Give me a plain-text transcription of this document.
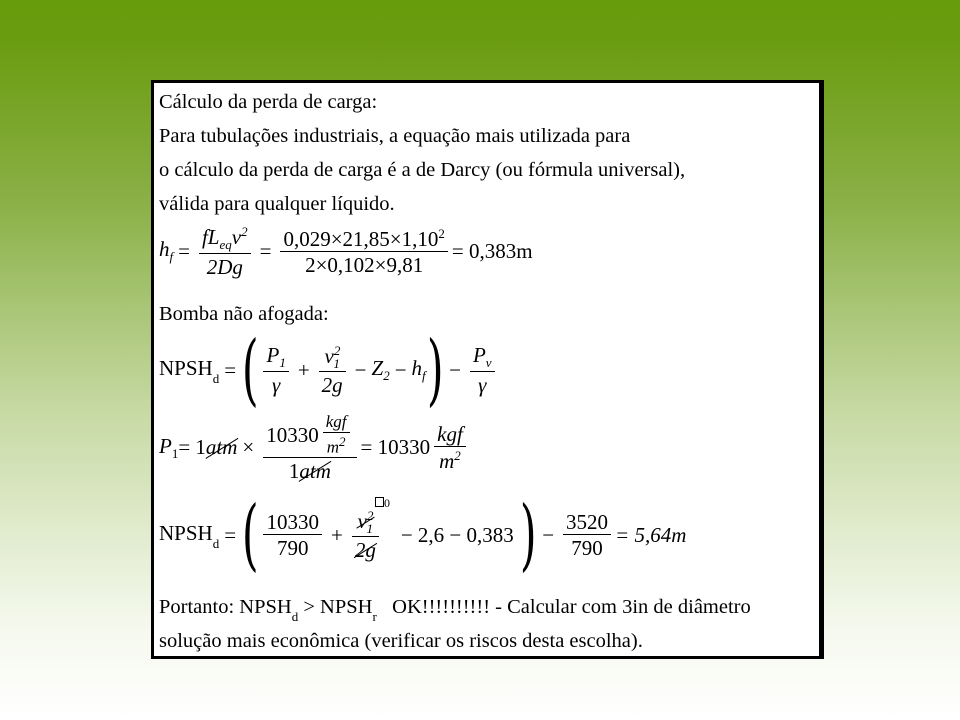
Cálculo da perda de carga:
Para tubulações industriais, a equação mais utilizada para
o cálculo da perda de carga é a de Darcy (ou fórmula universal),
válida para qualquer líquido.
$h_f = \frac{fL_{eq}v^2}{2Dg} = \frac{0,029\times 21,85\times 1,10^2}{2\times 0,102\times 9,81} = 0,383m$
Bomba não afogada:
$NPSH_d$ = ( $\frac{P_1}{\gamma} + \frac{v^2_1}{2g} - Z_2 - h_f$ ) − $\frac{P_v}{\gamma}$
$P_1 = 1$ atm × $\frac{10330 \frac{\text{kgf}}{m^2}}{\text{1atm}} = 10330 \frac{\text{kgf}}{m^2}$
$NPSH_d$ = ( $\frac{10330}{790} + v^2_1$
0
2g − 2,6 − 0,383 ) − $\frac{3520}{790} = 5,64m$
Portanto: $NPSH_d$ > $NPSH_r$   OK!!!!!!!!!! - Calcular com 3in de diâmetro
solução mais econômica (verificar os riscos desta escolha).
